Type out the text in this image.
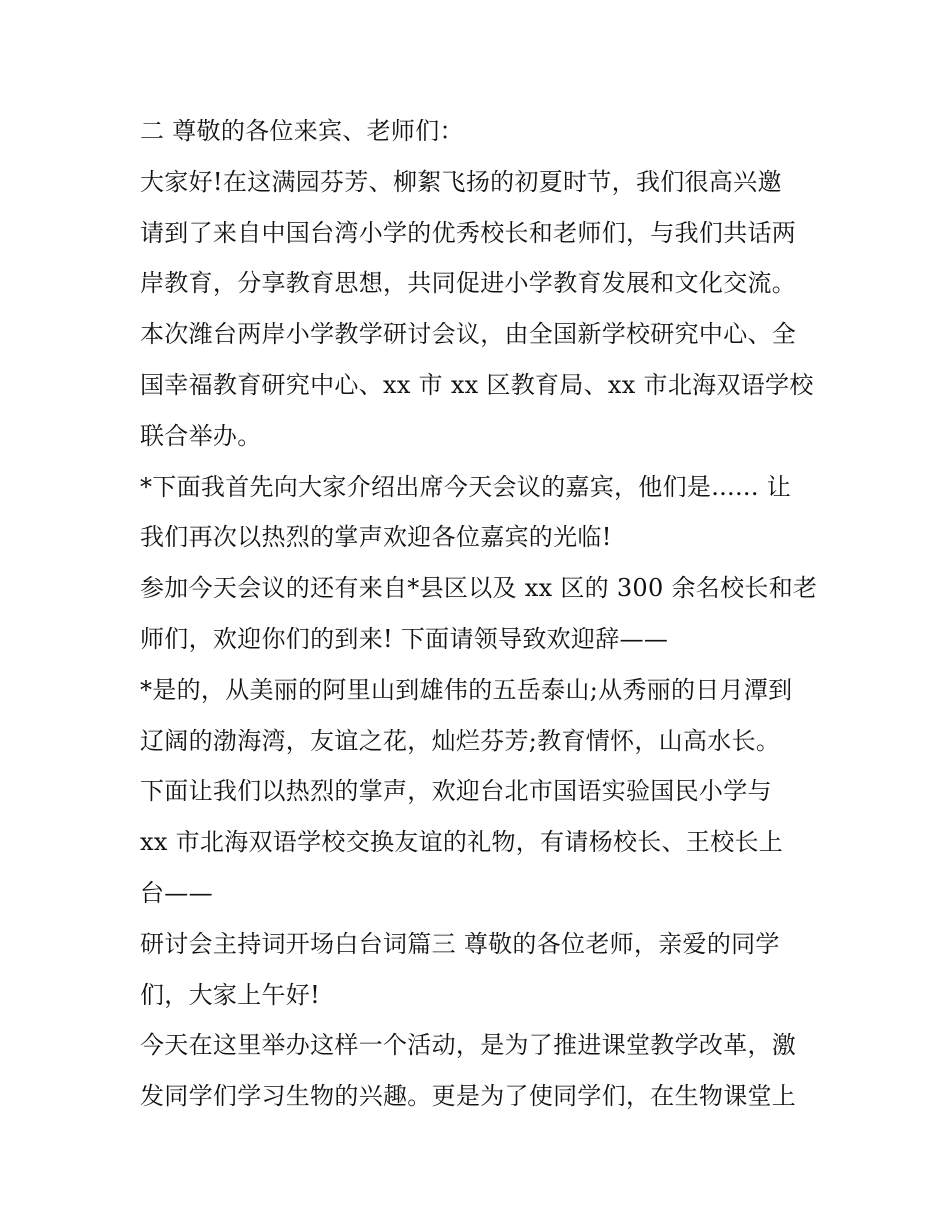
二 尊敬的各位来宾、老师们：
大家好!在这满园芬芳、柳絮飞扬的初夏时节，我们很高兴邀
请到了来自中国台湾小学的优秀校长和老师们，与我们共话两
岸教育，分享教育思想，共同促进小学教育发展和文化交流。
本次潍台两岸小学教学研讨会议，由全国新学校研究中心、全
国幸福教育研究中心、xx 市 xx 区教育局、xx 市北海双语学校
联合举办。
*下面我首先向大家介绍出席今天会议的嘉宾，他们是...... 让
我们再次以热烈的掌声欢迎各位嘉宾的光临!
参加今天会议的还有来自*县区以及 xx 区的 300 余名校长和老
师们，欢迎你们的到来! 下面请领导致欢迎辞——
*是的，从美丽的阿里山到雄伟的五岳泰山;从秀丽的日月潭到
辽阔的渤海湾，友谊之花，灿烂芬芳;教育情怀，山高水长。
下面让我们以热烈的掌声，欢迎台北市国语实验国民小学与
xx 市北海双语学校交换友谊的礼物，有请杨校长、王校长上
台——
研讨会主持词开场白台词篇三 尊敬的各位老师，亲爱的同学
们，大家上午好!
今天在这里举办这样一个活动，是为了推进课堂教学改革，激
发同学们学习生物的兴趣。更是为了使同学们，在生物课堂上
